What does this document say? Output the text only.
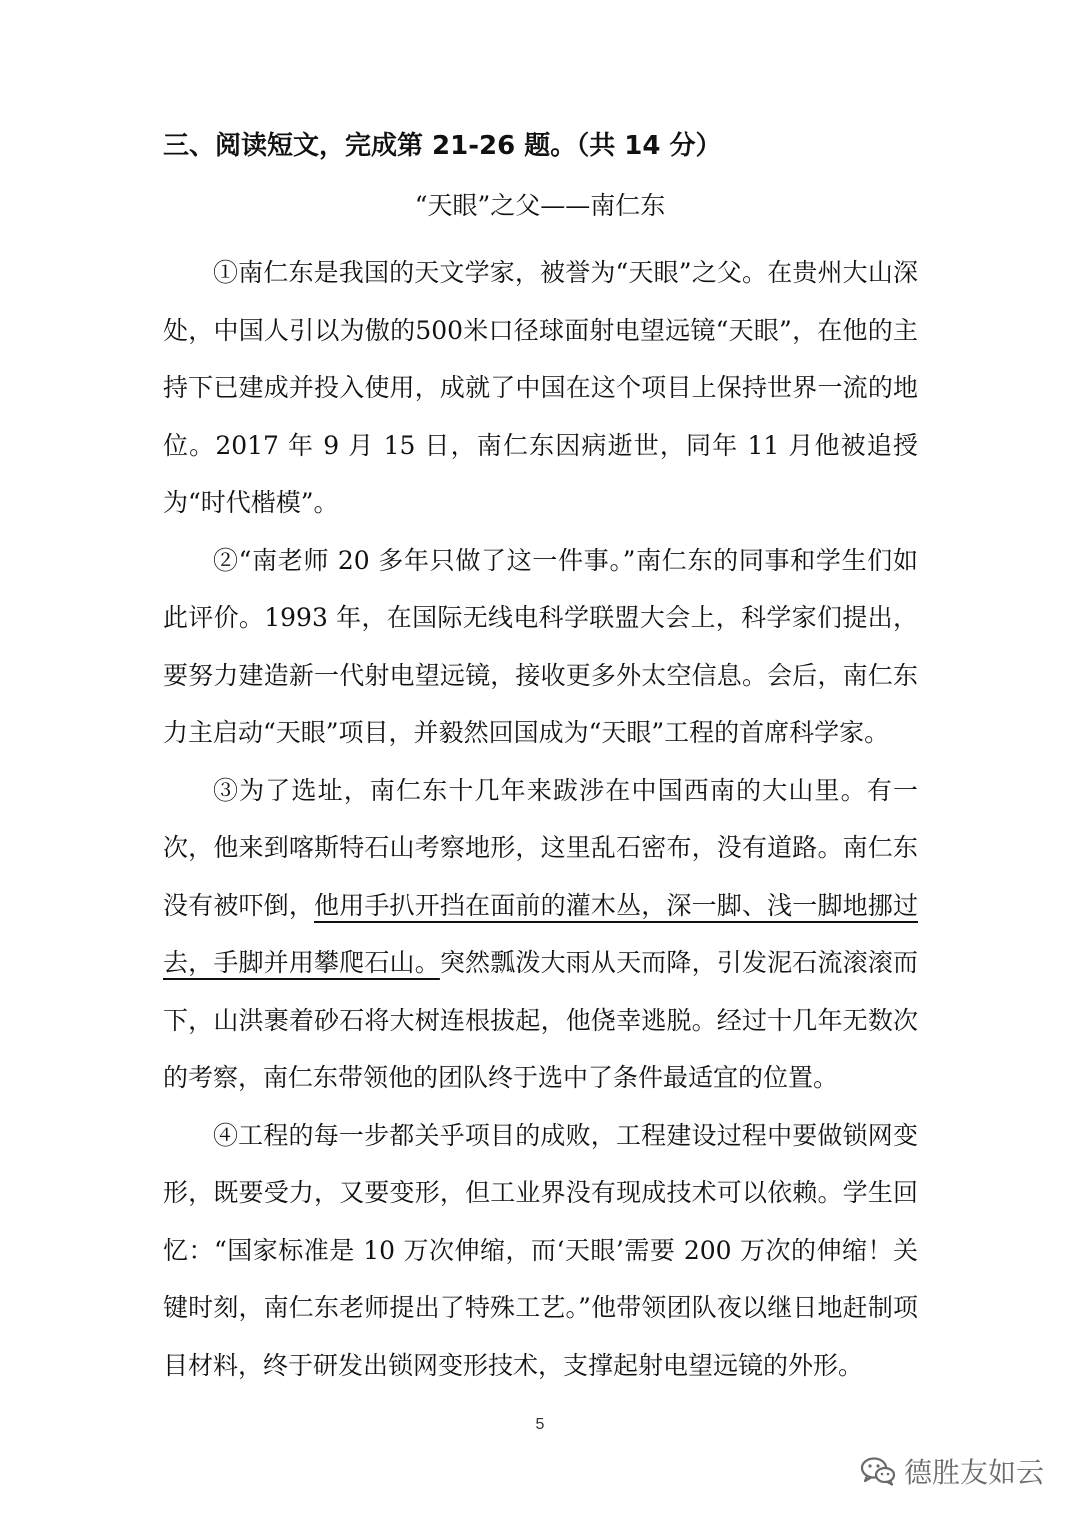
三、阅读短文，完成第 21-26 题。（共 14 分）
“天眼”之父——南仁东

①南仁东是我国的天文学家，被誉为“天眼”之父。在贵州大山深处，中国人引以为傲的500米口径球面射电望远镜“天眼”，在他的主持下已建成并投入使用，成就了中国在这个项目上保持世界一流的地位。2017 年 9 月 15 日，南仁东因病逝世，同年 11 月他被追授为“时代楷模”。

②“南老师 20 多年只做了这一件事。”南仁东的同事和学生们如此评价。1993 年，在国际无线电科学联盟大会上，科学家们提出，要努力建造新一代射电望远镜，接收更多外太空信息。会后，南仁东力主启动“天眼”项目，并毅然回国成为“天眼”工程的首席科学家。

③为了选址，南仁东十几年来跋涉在中国西南的大山里。有一次，他来到喀斯特石山考察地形，这里乱石密布，没有道路。南仁东没有被吓倒，他用手扒开挡在面前的灌木丛，深一脚、浅一脚地挪过去，手脚并用攀爬石山。突然瓢泼大雨从天而降，引发泥石流滚滚而下，山洪裹着砂石将大树连根拔起，他侥幸逃脱。经过十几年无数次的考察，南仁东带领他的团队终于选中了条件最适宜的位置。

④工程的每一步都关乎项目的成败，工程建设过程中要做锁网变形，既要受力，又要变形，但工业界没有现成技术可以依赖。学生回忆：“国家标准是 10 万次伸缩，而‘天眼’需要 200 万次的伸缩！关键时刻，南仁东老师提出了特殊工艺。”他带领团队夜以继日地赶制项目材料，终于研发出锁网变形技术，支撑起射电望远镜的外形。

5
德胜友如云
